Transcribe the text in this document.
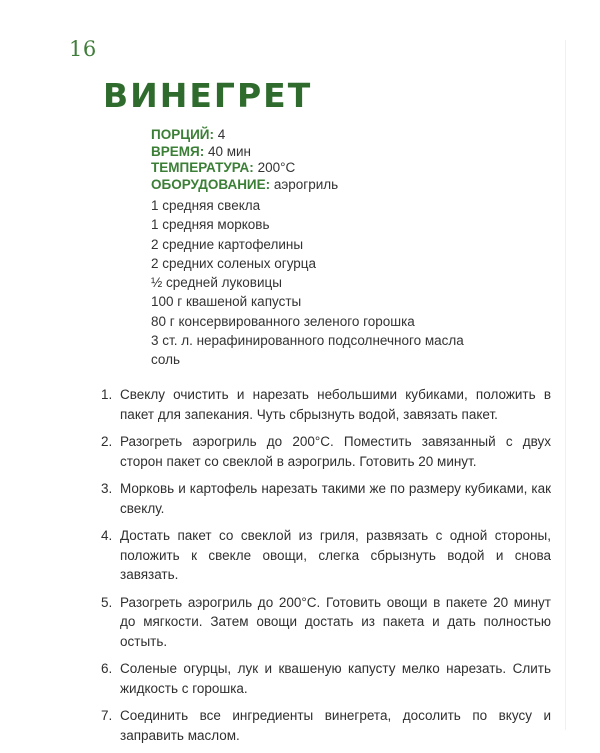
16
ВИНЕГРЕТ
ПОРЦИЙ: 4
ВРЕМЯ: 40 мин
ТЕМПЕРАТУРА: 200°С
ОБОРУДОВАНИЕ: аэрогриль
1 средняя свекла
1 средняя морковь
2 средние картофелины
2 средних соленых огурца
½ средней луковицы
100 г квашеной капусты
80 г консервированного зеленого горошка
3 ст. л. нерафинированного подсолнечного масла
соль
1. Свеклу очистить и нарезать небольшими кубиками, положить в пакет для запекания. Чуть сбрызнуть водой, завязать пакет.
2. Разогреть аэрогриль до 200°С. Поместить завязанный с двух сторон пакет со свеклой в аэрогриль. Готовить 20 минут.
3. Морковь и картофель нарезать такими же по размеру кубиками, как свеклу.
4. Достать пакет со свеклой из гриля, развязать с одной стороны, положить к свекле овощи, слегка сбрызнуть водой и снова завязать.
5. Разогреть аэрогриль до 200°С. Готовить овощи в пакете 20 минут до мягкости. Затем овощи достать из пакета и дать полностью остыть.
6. Соленые огурцы, лук и квашеную капусту мелко нарезать. Слить жидкость с горошка.
7. Соединить все ингредиенты винегрета, досолить по вкусу и заправить маслом.
